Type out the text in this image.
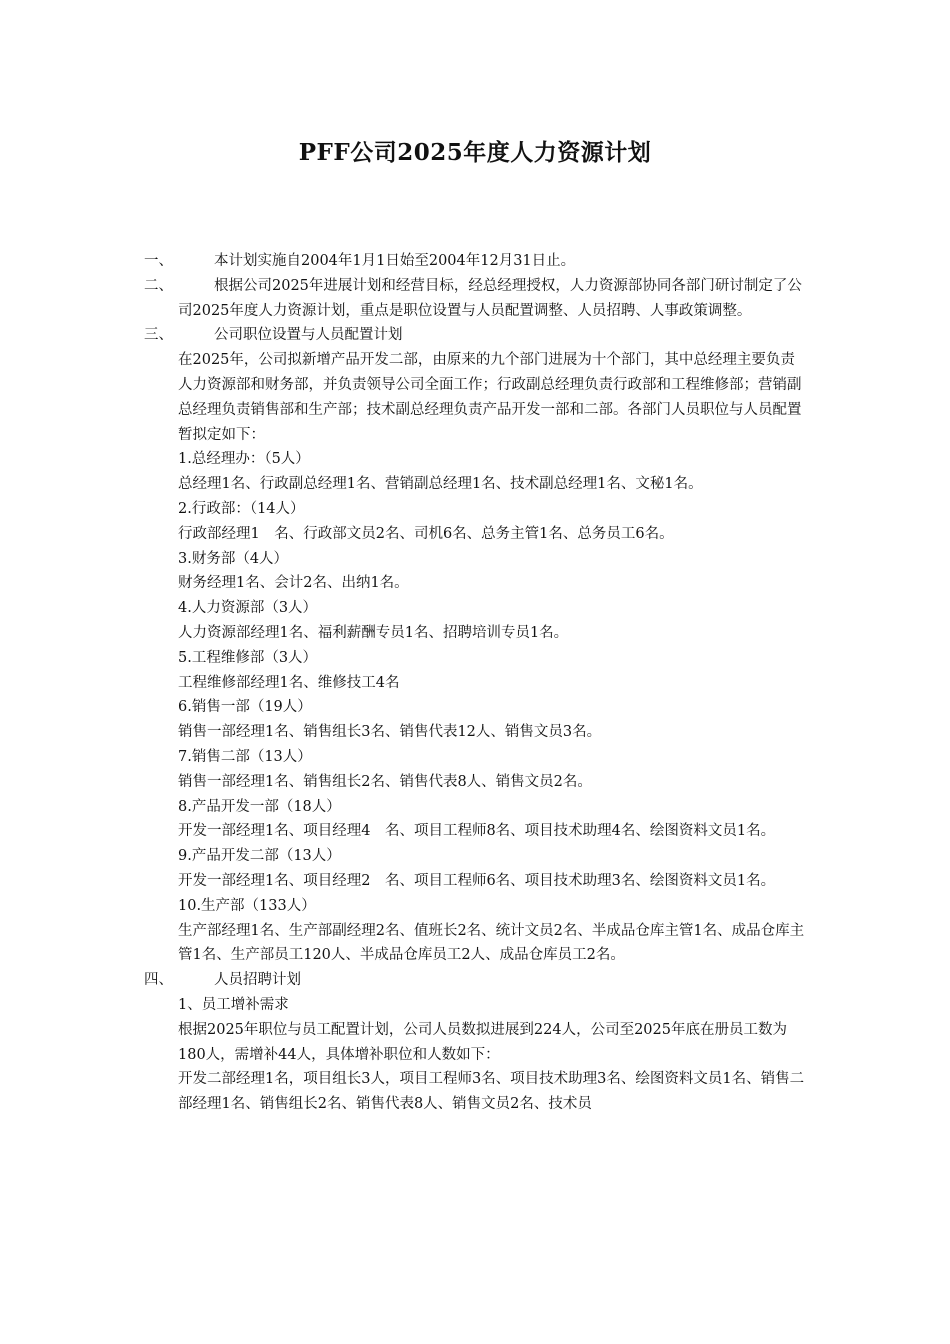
PFF公司2025年度人力资源计划
一、	本计划实施自2004年1月1日始至2004年12月31日止。

二、	根据公司2025年进展计划和经营目标，经总经理授权，人力资源部协同各部门研讨制定了公司2025年度人力资源计划，重点是职位设置与人员配置调整、人员招聘、人事政策调整。

三、	公司职位设置与人员配置计划

在2025年，公司拟新增产品开发二部，由原来的九个部门进展为十个部门，其中总经理主要负责人力资源部和财务部，并负责领导公司全面工作；行政副总经理负责行政部和工程维修部；营销副总经理负责销售部和生产部；技术副总经理负责产品开发一部和二部。各部门人员职位与人员配置暂拟定如下：

1.总经理办：（5人）

总经理1名、行政副总经理1名、营销副总经理1名、技术副总经理1名、文秘1名。

2.行政部：（14人）

行政部经理1　名、行政部文员2名、司机6名、总务主管1名、总务员工6名。

3.财务部（4人）

财务经理1名、会计2名、出纳1名。

4.人力资源部（3人）

人力资源部经理1名、福利薪酬专员1名、招聘培训专员1名。

5.工程维修部（3人）

工程维修部经理1名、维修技工4名

6.销售一部（19人）

销售一部经理1名、销售组长3名、销售代表12人、销售文员3名。

7.销售二部（13人）

销售一部经理1名、销售组长2名、销售代表8人、销售文员2名。

8.产品开发一部（18人）

开发一部经理1名、项目经理4　名、项目工程师8名、项目技术助理4名、绘图资料文员1名。

9.产品开发二部（13人）

开发一部经理1名、项目经理2　名、项目工程师6名、项目技术助理3名、绘图资料文员1名。

10.生产部（133人）

生产部经理1名、生产部副经理2名、值班长2名、统计文员2名、半成品仓库主管1名、成品仓库主管1名、生产部员工120人、半成品仓库员工2人、成品仓库员工2名。

四、	人员招聘计划

1、员工增补需求

根据2025年职位与员工配置计划，公司人员数拟进展到224人，公司至2025年底在册员工数为180人，需增补44人，具体增补职位和人数如下：

开发二部经理1名，项目组长3人，项目工程师3名、项目技术助理3名、绘图资料文员1名、销售二部经理1名、销售组长2名、销售代表8人、销售文员2名、技术员
